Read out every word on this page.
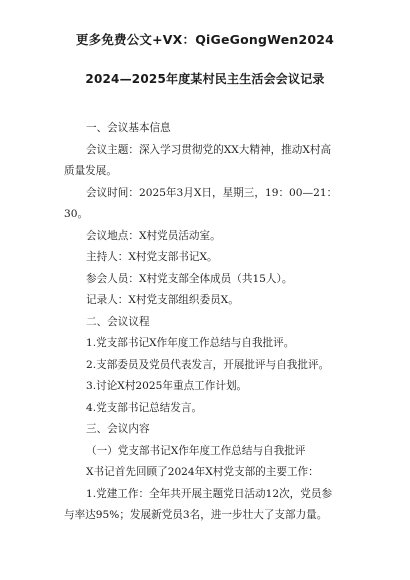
更多免费公文+VX：QiGeGongWen2024
2024—2025年度某村民主生活会会议记录
一、会议基本信息
会议主题：深入学习贯彻党的XX大精神，推动X村高
质量发展。
会议时间：2025年3月X日，星期三，19：00—21：
30。
会议地点：X村党员活动室。
主持人：X村党支部书记X。
参会人员：X村党支部全体成员（共15人）。
记录人：X村党支部组织委员X。
二、会议议程
1.党支部书记X作年度工作总结与自我批评。
2.支部委员及党员代表发言，开展批评与自我批评。
3.讨论X村2025年重点工作计划。
4.党支部书记总结发言。
三、会议内容
（一）党支部书记X作年度工作总结与自我批评
X书记首先回顾了2024年X村党支部的主要工作：
1.党建工作：全年共开展主题党日活动12次，党员参
与率达95%；发展新党员3名，进一步壮大了支部力量。
